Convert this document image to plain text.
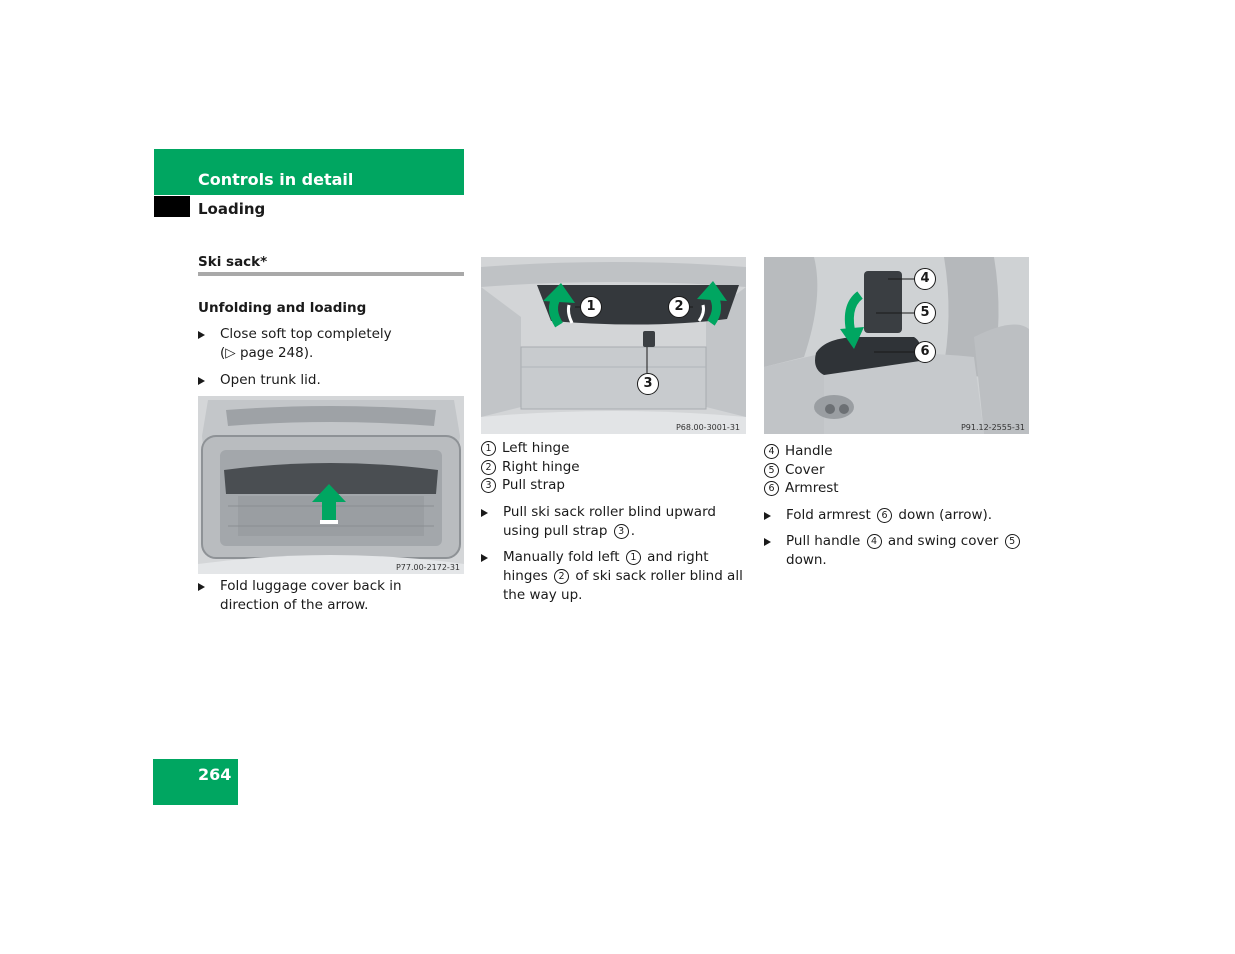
Controls in detail
Loading
Ski sack*
Unfolding and loading
Close soft top completely
(▷ page 248).
Open trunk lid.
P77.00-2172-31
Fold luggage cover back in direction of the arrow.
1	2
3
P68.00-3001-31
1 Left hinge
2 Right hinge
3 Pull strap
Pull ski sack roller blind upward using pull strap 3 .
Manually fold left 1 and right hinges 2 of ski sack roller blind all the way up.
4
5
6
P91.12-2555-31
4 Handle
5 Cover
6 Armrest
Fold armrest 6 down (arrow).
Pull handle 4 and swing cover 5 down.
264
